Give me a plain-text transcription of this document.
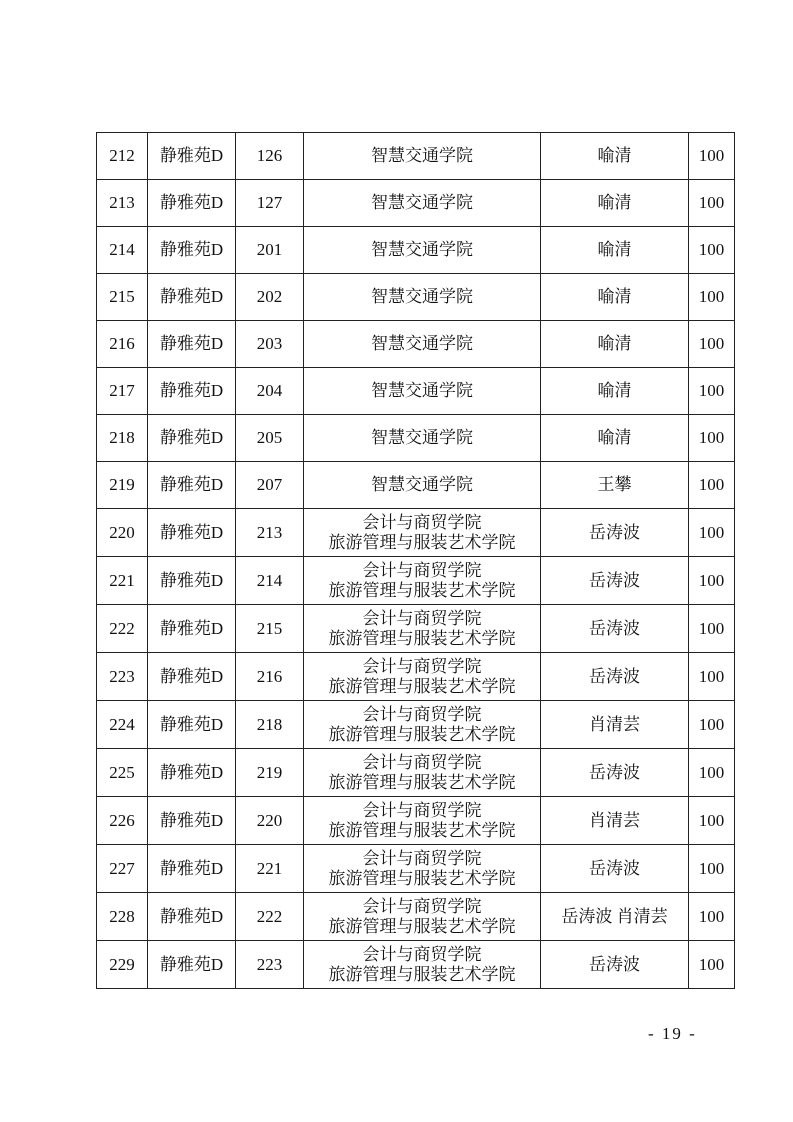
212	静雅苑D	126	智慧交通学院	喻清	100
213	静雅苑D	127	智慧交通学院	喻清	100
214	静雅苑D	201	智慧交通学院	喻清	100
215	静雅苑D	202	智慧交通学院	喻清	100
216	静雅苑D	203	智慧交通学院	喻清	100
217	静雅苑D	204	智慧交通学院	喻清	100
218	静雅苑D	205	智慧交通学院	喻清	100
219	静雅苑D	207	智慧交通学院	王攀	100
220	静雅苑D	213	会计与商贸学院
旅游管理与服装艺术学院	岳涛波	100
221	静雅苑D	214	会计与商贸学院
旅游管理与服装艺术学院	岳涛波	100
222	静雅苑D	215	会计与商贸学院
旅游管理与服装艺术学院	岳涛波	100
223	静雅苑D	216	会计与商贸学院
旅游管理与服装艺术学院	岳涛波	100
224	静雅苑D	218	会计与商贸学院
旅游管理与服装艺术学院	肖清芸	100
225	静雅苑D	219	会计与商贸学院
旅游管理与服装艺术学院	岳涛波	100
226	静雅苑D	220	会计与商贸学院
旅游管理与服装艺术学院	肖清芸	100
227	静雅苑D	221	会计与商贸学院
旅游管理与服装艺术学院	岳涛波	100
228	静雅苑D	222	会计与商贸学院
旅游管理与服装艺术学院	岳涛波 肖清芸	100
229	静雅苑D	223	会计与商贸学院
旅游管理与服装艺术学院	岳涛波	100
- 19 -
